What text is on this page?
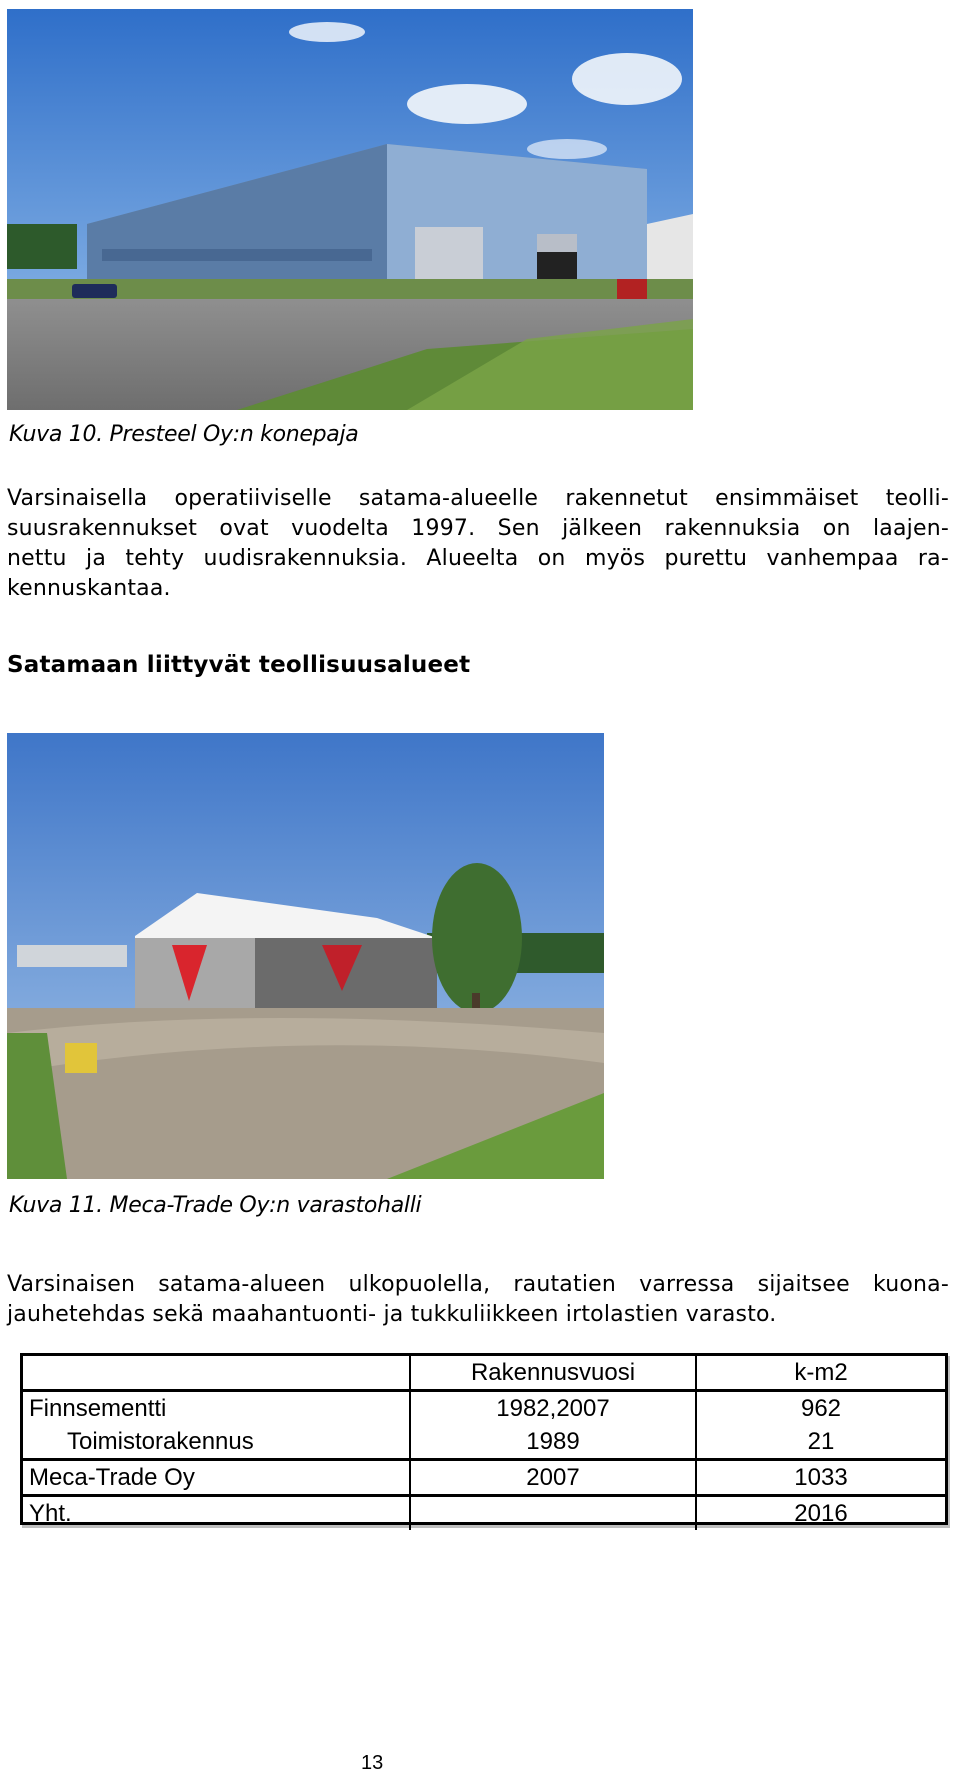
Kuva 10. Presteel Oy:n konepaja
Varsinaisella operatiiviselle satama-alueelle rakennetut ensimmäiset teolli-
suusrakennukset ovat vuodelta 1997. Sen jälkeen rakennuksia on laajen-
nettu ja tehty uudisrakennuksia. Alueelta on myös purettu vanhempaa ra-
kennuskantaa.
Satamaan liittyvät teollisuusalueet
Kuva 11. Meca-Trade Oy:n varastohalli
Varsinaisen satama-alueen ulkopuolella, rautatien varressa sijaitsee kuona-
jauhetehdas sekä maahantuonti- ja tukkuliikkeen irtolastien varasto.
	Rakennusvuosi	k-m2
Finnsementti	1982,2007	962
Toimistorakennus	1989	21
Meca-Trade Oy	2007	1033
Yht.		2016
13
